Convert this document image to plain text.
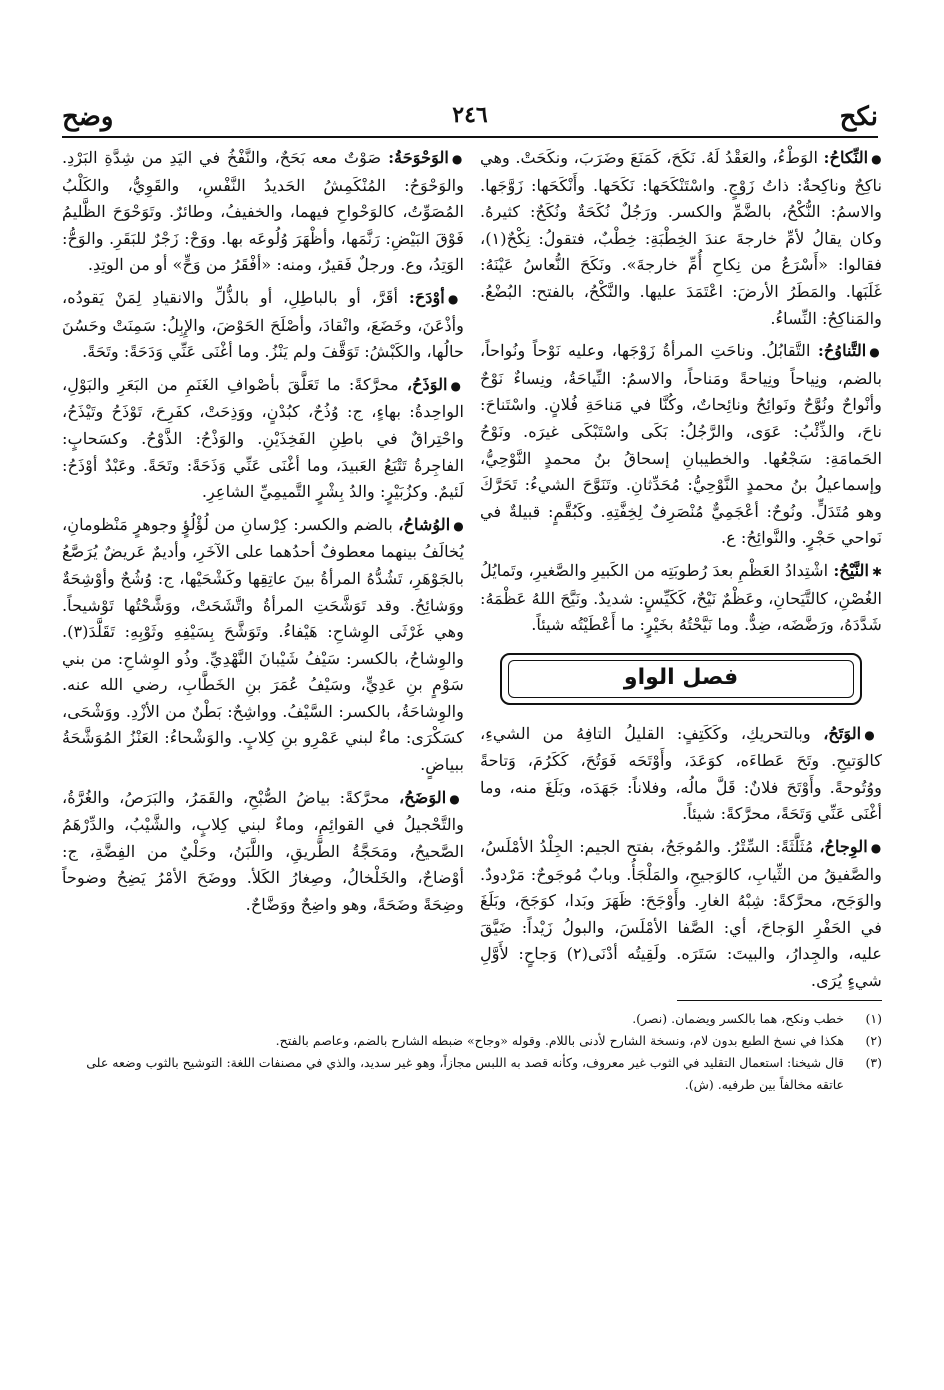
نكح
٢٤٦
وضح

●النِّكاحُ: الوَطْءُ، والعَقْدُ لَهُ. نَكَحَ، كَمَنَعَ وضَرَبَ، ونكَحَتْ. وهي ناكِحٌ وناكِحةٌ: ذاتُ زَوْجٍ. واسْتَنْكَحَها: نَكَحَها. وأَنْكَحَها: زَوَّجَها. والاسمُ: النُّكْحُ، بالضَّمِّ والكسر. ورَجُلٌ نُكَحَةٌ ونُكَحٌ: كثيرهُ. وكان يقالُ لأمِّ خارجةَ عندَ الخِطْبَةِ: خِطْبٌ، فتقولُ: نِكْحٌ(١)، فقالوا: «أَسْرَعُ من نِكاحِ أُمِّ خارجةَ». ونَكَحَ النُّعاسُ عَيْنَهُ: غَلَبَها. والمَطَرُ الأرضَ: اعْتَمَدَ عليها. والنَّكْحُ، بالفتح: البُضْعُ. والمَناكِحُ: النِّساءُ.

●التَّناوُحُ: التَّقابُلُ. وناحَتِ المرأةُ زَوْجَها، وعليه نَوْحاً ونُواحاً، بالضم، ونِياحاً ونِياحةً ومَناحاً، والاسمُ: النِّياحَةُ، ونِساءٌ نَوْحٌ وأنْواحٌ ونُوَّحٌ ونَوائِحُ ونائِحاتٌ، وكُنَّا في مَناحَةِ فُلانٍ. واسْتَناحَ: ناحَ، والذِّئْبُ: عَوَى، والرَّجُلُ: بَكَى واسْتَبْكَى غيرَه. ونَوْحُ الحَمامَةِ: سَجْعُها. والخطيبانِ إسحاقُ بنُ محمدٍ النَّوْحِيُّ، وإسماعيلُ بنُ محمدٍ النَّوْحِيُّ: مُحَدِّثانِ. وتَنَوَّحَ الشيءُ: تَحَرَّكَ وهو مُتَدَلٍّ. ونُوحٌ: أعْجَمِيٌّ مُنْصَرِفٌ لِخِفَّتِهِ. وكَبُقَّمٍ: قبيلةٌ في نَواحي حَجْرٍ. والنَّوائِحُ: ع.

✱النَّيْحُ: اشْتِدادُ العَظْمِ بعدَ رُطوبَتِه من الكَبيرِ والصَّغيرِ، وتَمايُلُ الغُصْنِ، كالتَّيَحانِ، وعَظْمٌ نَيْحٌ، كَكَيِّسٍ: شديدٌ. ونَيَّحَ اللهُ عَظْمَهُ: شَدَّدَهُ، ورَضَّضَه، ضِدٌّ. وما نَيَّحْتُهُ بخَيْرٍ: ما أَعْطَيْتُه شيئاً.

فصل الواو

●الوَتَحُ، وبالتحريكِ، وكَكَتِفٍ: القليلُ التافِهُ من الشيءِ، كالوَتيحِ. وتَحَ عَطاءَه، كوَعَدَ، وأَوْتَحَه فَوَتُحَ، كَكَرُمَ، وَتاحةً ووُتُوحةً. وأَوْتَحَ فلانٌ: قَلَّ مالُه، وفلاناً: جَهَدَه، وبَلَغَ منه، وما أغْنَى عَنِّي وَتَحَةً، محرَّكةً: شيئاً.

●الوِجاحُ، مُثَلَّثَةً: السِّتْرُ. والمُوجَحُ، بفتح الجيم: الجِلْدُ الأمْلَسُ، والصَّفيقُ من الثِّيابِ، كالوَجيحِ، والمَلْجَأُ. وبابٌ مُوجَوحٌ: مَرْدودٌ. والوَجَح، محرَّكةً: شِبْهُ الغارِ. وأَوْجَحَ: ظَهَرَ وبَدا، كوَجَحَ، وبَلَغَ في الحَفْرِ الوَجاحَ، أي: الصَّفا الأمْلَسَ، والبولُ زَيْداً: ضَيَّقَ عليه، والجِدارُ، والبيتَ: سَتَرَه. ولَقِيتُه أدْنَى(٢) وَجاحٍ: لأَوَّلِ شيءٍ يُرَى.

●الوَحْوَحَةُ: صَوْتٌ معه بَحَحٌ، والنَّفْخُ في اليَدِ من شِدَّةِ البَرْدِ. والوَحْوَحُ: المُنْكَمِشُ الحَديدُ النَّفْسِ، والقَوِيُّ، والكَلْبُ المُصَوِّتُ، كالوَحْواحِ فيهما، والخفيفُ، وطائرٌ. وتَوَحْوَحَ الظَّليمُ فَوْقَ البَيْضِ: رَنَّمَها، وأظْهَرَ وُلُوعَه بها. ووَحْ: زَجْرٌ للبَقَرِ. والوَحُّ: الوَتِدُ، وع. ورجلٌ فَقيرٌ، ومنه: «أفْقَرُ من وَحٍّ» أو من الوتِدِ.

●أوْدَحَ: أقَرَّ، أو بالباطِلِ، أو بالذُّلِّ والانقيادِ لِمَنْ يَقودُه، وأذْعَنَ، وخَضَعَ، وانْقادَ، وأصْلَحَ الحَوْضَ، والإِبِلُ: سَمِنَتْ وحَسُنَ حالُها، والكَبْشُ: تَوَقَّفَ ولم يَنْزُ. وما أغْنَى عَنِّي وَدَحَةً: وتَحَةً.

●الوَذَحُ، محرَّكةً: ما تَعَلَّقَ بأصْوافِ الغَنَمِ من البَعَرِ والبَوْلِ، الواحِدةُ: بهاءٍ، ج: وُذُحٌ، كبُدْنٍ، ووَذِحَتْ، كفَرِحَ، تَوْذَحُ وتَيْذَحُ، واحْتِراقٌ في باطِنِ الفَخِذَيْنِ. والوَذْحُ: الذَّوْحُ. وكسَحابٍ: الفاجِرةُ تَتْبَعُ العَبيدَ، وما أغْنَى عَنِّي وَذَحَةً: وتَحَةً. وعَبْدٌ أوْذَحُ: لَئيمٌ. وكزُبَيْرٍ: والدُ بِشْرٍ التَّميمِيِّ الشاعِرِ.

●الوُشاحُ، بالضم والكسر: كِرْسانِ من لُؤْلُؤٍ وجوهرٍ مَنْظومانِ، يُخالَفُ بينهما معطوفٌ أحدُهما على الآخَرِ، وأديمٌ عَريضٌ يُرَصَّعُ بالجَوْهَرِ، تَشُدُّهُ المرأةُ بينَ عاتِقِها وكَشْحَيْها، ج: وُشُحٌ وأوْشِحَةٌ ووَشائِحُ. وقد تَوَشَّحَتِ المرأةُ واتَّشَحَتْ، ووَشَّحْتُها تَوْشيحاً. وهي غَرْثَى الوِشاحِ: هَيْفاءُ. وتَوَشَّحَ بِسَيْفِهِ وثَوْبِهِ: تَقَلَّدَ(٣). والوِشاحُ، بالكسر: سَيْفُ شَيْبانَ النَّهْدِيِّ. وذُو الوِشاحِ: من بني سَوْمٍ بنِ عَدِيٍّ، وسَيْفُ عُمَرَ بنِ الخَطَّابِ، رضي الله عنه. والوِشاحَةُ، بالكسر: السَّيْفُ. وواشِحٌ: بَطْنٌ من الأزْدِ. ووَشْحَى، كسَكْرَى: ماءٌ لبني عَمْرِو بنِ كِلابٍ. والوَشْحاءُ: العَنْزُ المُوَشَّحَةُ ببياضٍ.

●الوَضَحُ، محرَّكةً: بياضُ الصُّبْحِ، والقَمَرُ، والبَرَصُ، والغُرَّةُ، والتَّحْجيلُ في القوائِمِ، وماءٌ لبني كِلابٍ، والشَّيْبُ، والدِّرْهَمُ الصَّحيحُ، ومَحَجَّةُ الطَّريقِ، واللَّبَنُ، وحَلْيٌ من الفِضَّةِ، ج: أوْضاحٌ، والخَلْخالُ، وصِغارُ الكَلأ. ووضَحَ الأمْرُ يَضِحُ وضوحاً وضِحَةً وضَحَةً، وهو واضِحٌ ووَضَّاحٌ.

(١)
خطب ونكح، هما بالكسر ويضمان. (نصر).
(٢)
هكذا في نسخ الطبع بدون لام، ونسخة الشارح لأدنى باللام. وقوله «وجاح» ضبطه الشارح بالضم، وعاصم بالفتح.
(٣)
قال شيخنا: استعمال التقليد في الثوب غير معروف، وكأنه قصد به اللبس مجازاً، وهو غير سديد، والذي في مصنفات اللغة: التوشيح بالثوب وضعه على عاتقه مخالفاً بين طرفيه. (ش).
